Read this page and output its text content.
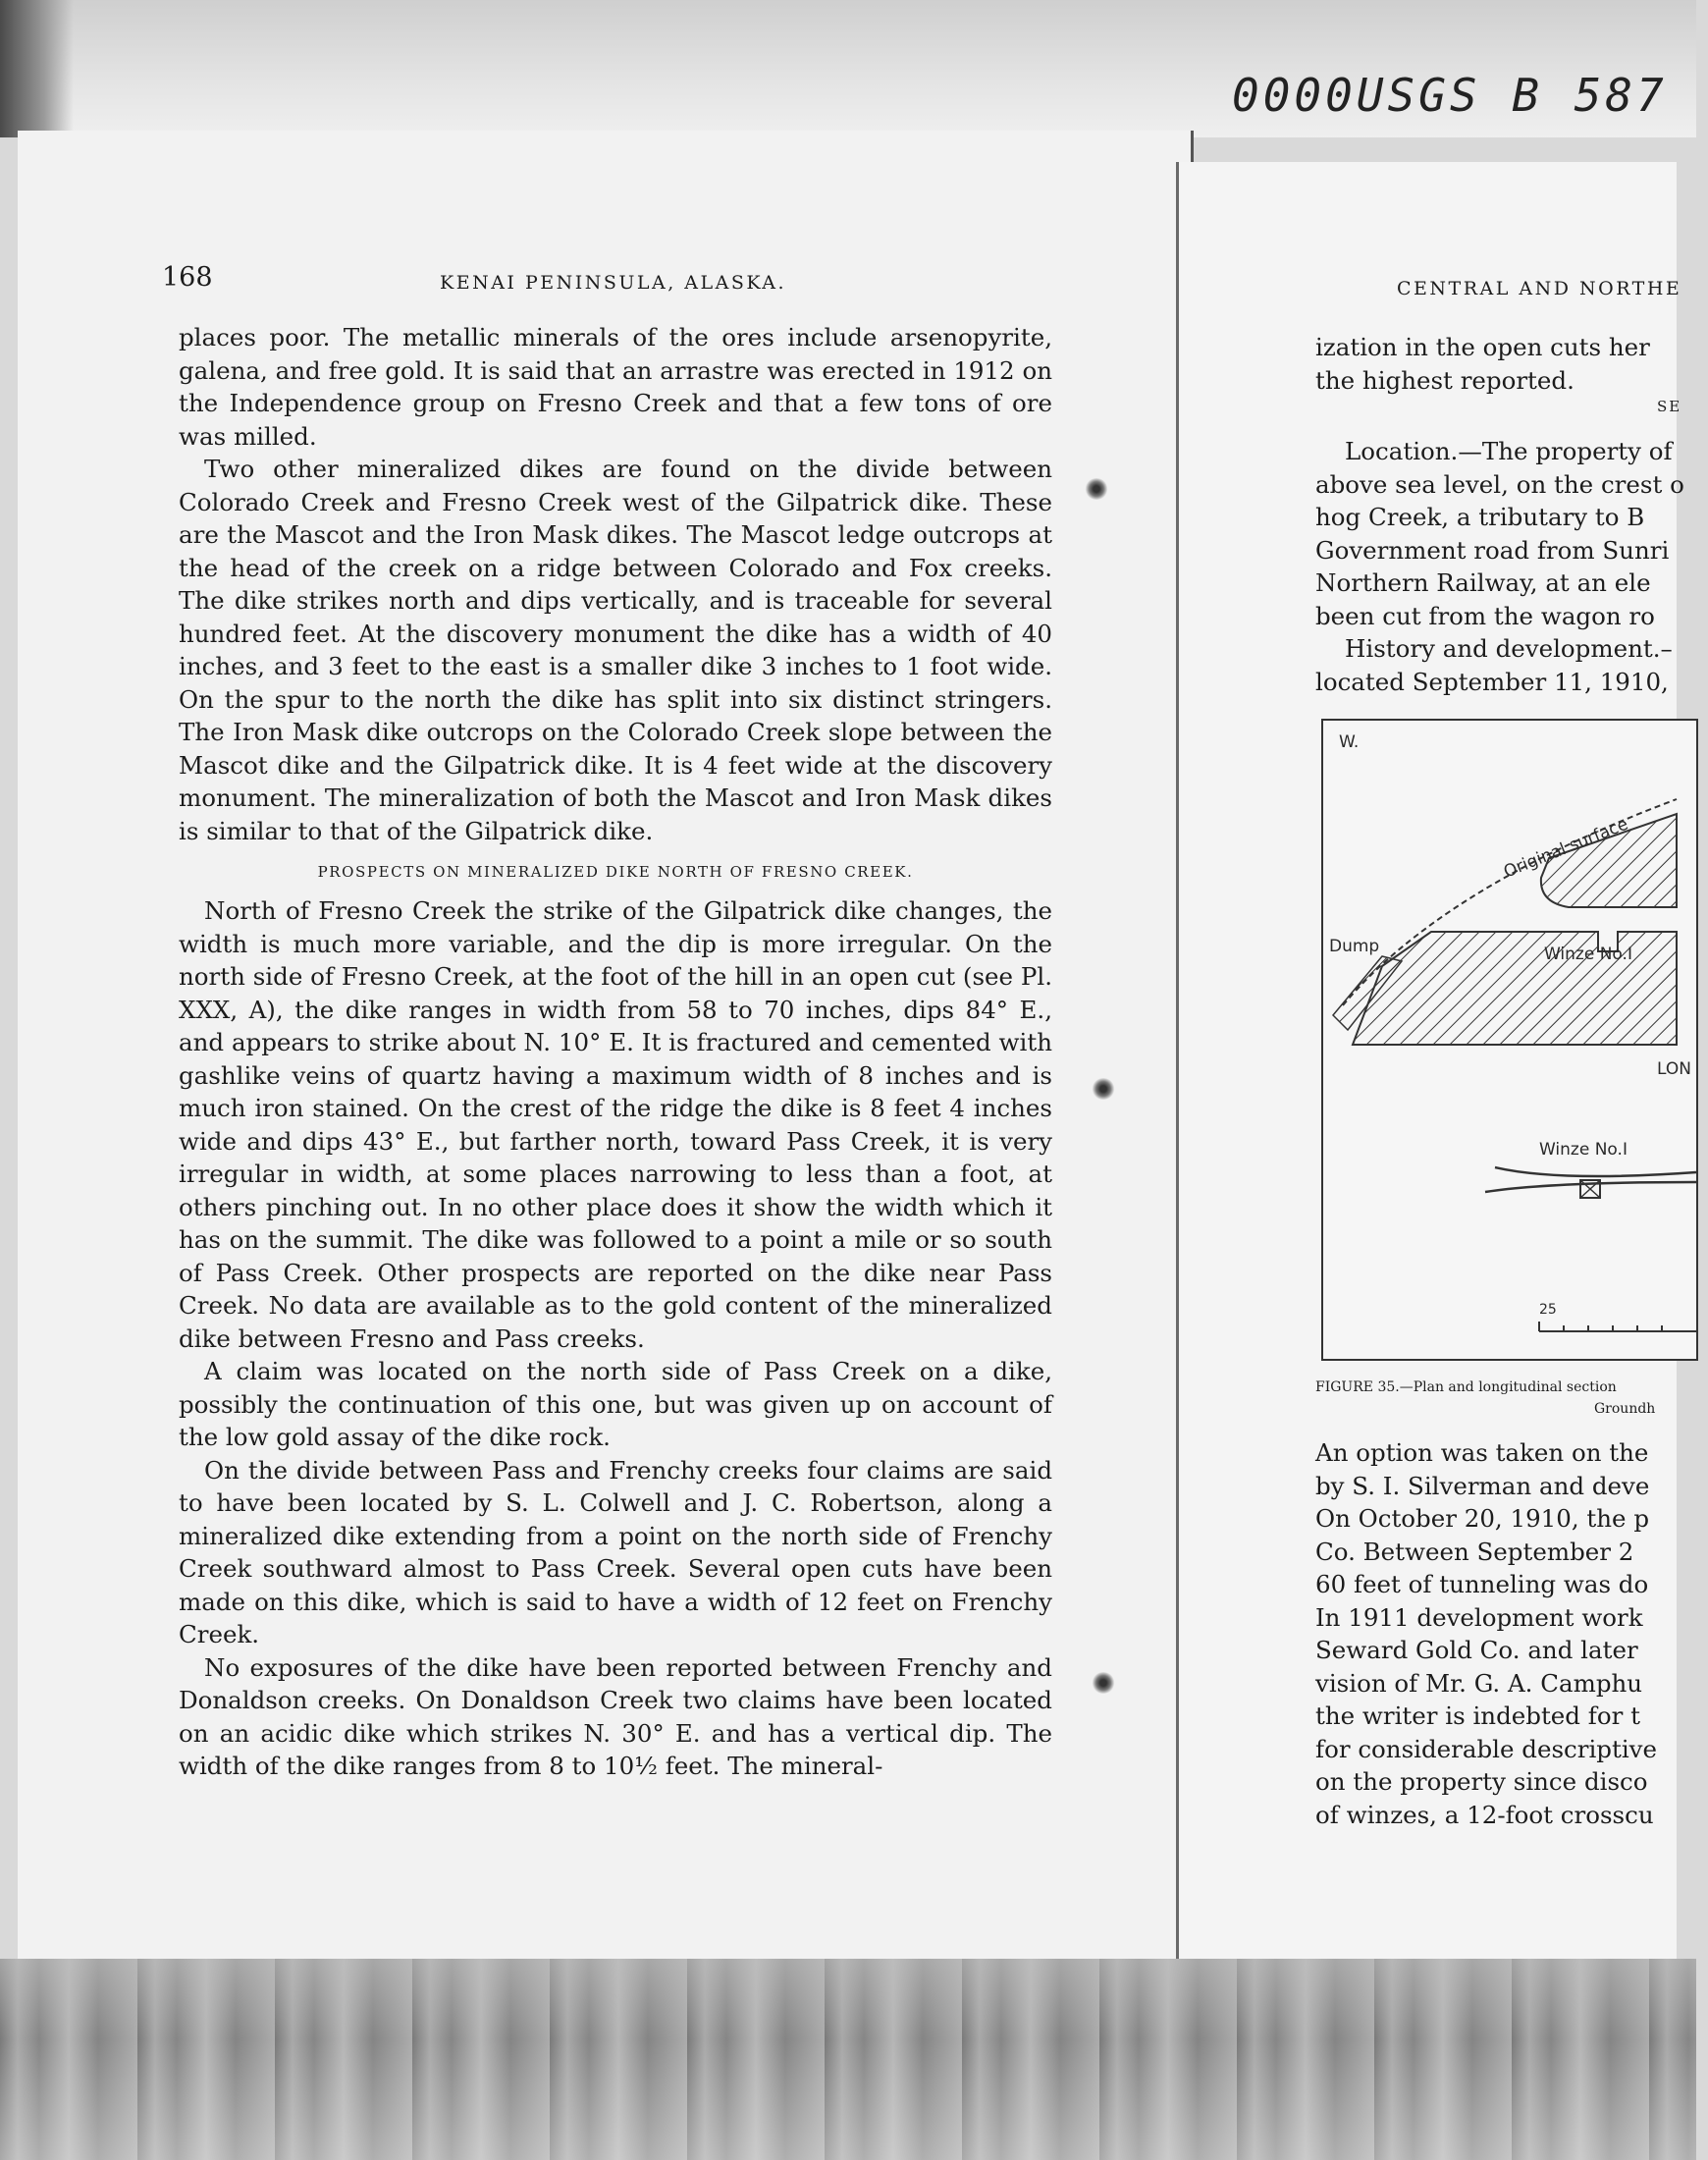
0000USGS B 587
168	KENAI PENINSULA, ALASKA.

places poor. The metallic minerals of the ores include arsenopyrite, galena, and free gold. It is said that an arrastre was erected in 1912 on the Independence group on Fresno Creek and that a few tons of ore was milled.

Two other mineralized dikes are found on the divide between Colorado Creek and Fresno Creek west of the Gilpatrick dike. These are the Mascot and the Iron Mask dikes. The Mascot ledge outcrops at the head of the creek on a ridge between Colorado and Fox creeks. The dike strikes north and dips vertically, and is traceable for several hundred feet. At the discovery monument the dike has a width of 40 inches, and 3 feet to the east is a smaller dike 3 inches to 1 foot wide. On the spur to the north the dike has split into six distinct stringers. The Iron Mask dike outcrops on the Colorado Creek slope between the Mascot dike and the Gilpatrick dike. It is 4 feet wide at the discovery monument. The mineralization of both the Mascot and Iron Mask dikes is similar to that of the Gilpatrick dike.

PROSPECTS ON MINERALIZED DIKE NORTH OF FRESNO CREEK.

North of Fresno Creek the strike of the Gilpatrick dike changes, the width is much more variable, and the dip is more irregular. On the north side of Fresno Creek, at the foot of the hill in an open cut (see Pl. XXX, A), the dike ranges in width from 58 to 70 inches, dips 84° E., and appears to strike about N. 10° E. It is fractured and cemented with gashlike veins of quartz having a maximum width of 8 inches and is much iron stained. On the crest of the ridge the dike is 8 feet 4 inches wide and dips 43° E., but farther north, toward Pass Creek, it is very irregular in width, at some places narrowing to less than a foot, at others pinching out. In no other place does it show the width which it has on the summit. The dike was followed to a point a mile or so south of Pass Creek. Other prospects are reported on the dike near Pass Creek. No data are available as to the gold content of the mineralized dike between Fresno and Pass creeks.

A claim was located on the north side of Pass Creek on a dike, possibly the continuation of this one, but was given up on account of the low gold assay of the dike rock.

On the divide between Pass and Frenchy creeks four claims are said to have been located by S. L. Colwell and J. C. Robertson, along a mineralized dike extending from a point on the north side of Frenchy Creek southward almost to Pass Creek. Several open cuts have been made on this dike, which is said to have a width of 12 feet on Frenchy Creek.

No exposures of the dike have been reported between Frenchy and Donaldson creeks. On Donaldson Creek two claims have been located on an acidic dike which strikes N. 30° E. and has a vertical dip. The width of the dike ranges from 8 to 10½ feet. The mineral-

CENTRAL AND NORTHE
ization in the open cuts her
the highest reported.
SE
Location.—The property of
above sea level, on the crest o
hog Creek, a tributary to B
Government road from Sunri
Northern Railway, at an ele
been cut from the wagon ro
History and development.–
located September 11, 1910,
W.
Original surface
Dump	Winze No.I
LON
Winze No.I
25
FIGURE 35.—Plan and longitudinal section
Groundh
An option was taken on the
by S. I. Silverman and deve
On October 20, 1910, the p
Co. Between September 2
60 feet of tunneling was do
In 1911 development work
Seward Gold Co. and later
vision of Mr. G. A. Camphu
the writer is indebted for t
for considerable descriptive
on the property since disco
of winzes, a 12-foot crosscu
